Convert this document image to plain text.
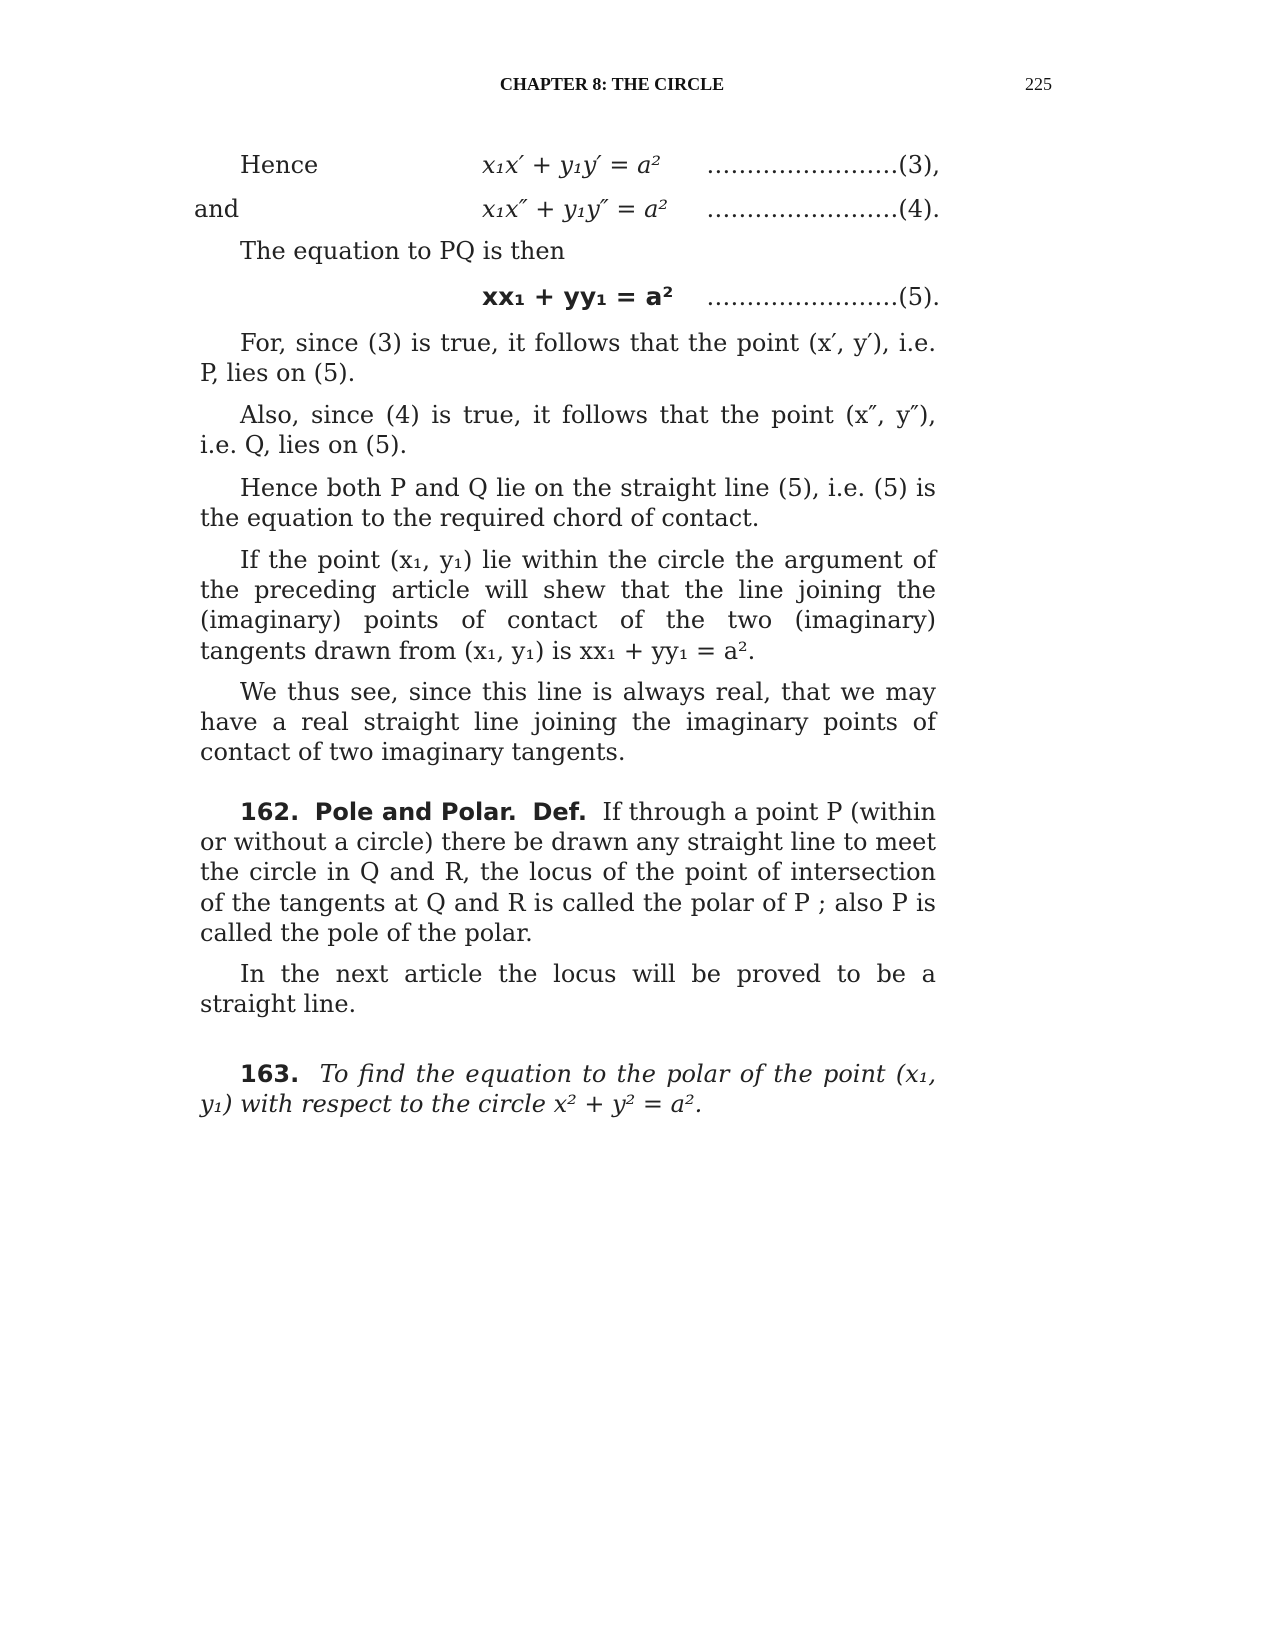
CHAPTER 8: THE CIRCLE	225
Hence	x₁x′ + y₁y′ = a² ……………………(3),
and	x₁x″ + y₁y″ = a² ……………………(4).

The equation to PQ is then

xx₁ + yy₁ = a² ……………………(5).

For, since (3) is true, it follows that the point (x′, y′), i.e. P, lies on (5).

Also, since (4) is true, it follows that the point (x″, y″), i.e. Q, lies on (5).

Hence both P and Q lie on the straight line (5), i.e. (5) is the equation to the required chord of contact.

If the point (x₁, y₁) lie within the circle the argument of the preceding article will shew that the line joining the (imaginary) points of contact of the two (imaginary) tangents drawn from (x₁, y₁) is xx₁ + yy₁ = a².

We thus see, since this line is always real, that we may have a real straight line joining the imaginary points of contact of two imaginary tangents.

162. Pole and Polar. Def. If through a point P (within or without a circle) there be drawn any straight line to meet the circle in Q and R, the locus of the point of intersection of the tangents at Q and R is called the polar of P ; also P is called the pole of the polar.

In the next article the locus will be proved to be a straight line.

163. To find the equation to the polar of the point (x₁, y₁) with respect to the circle x² + y² = a².
